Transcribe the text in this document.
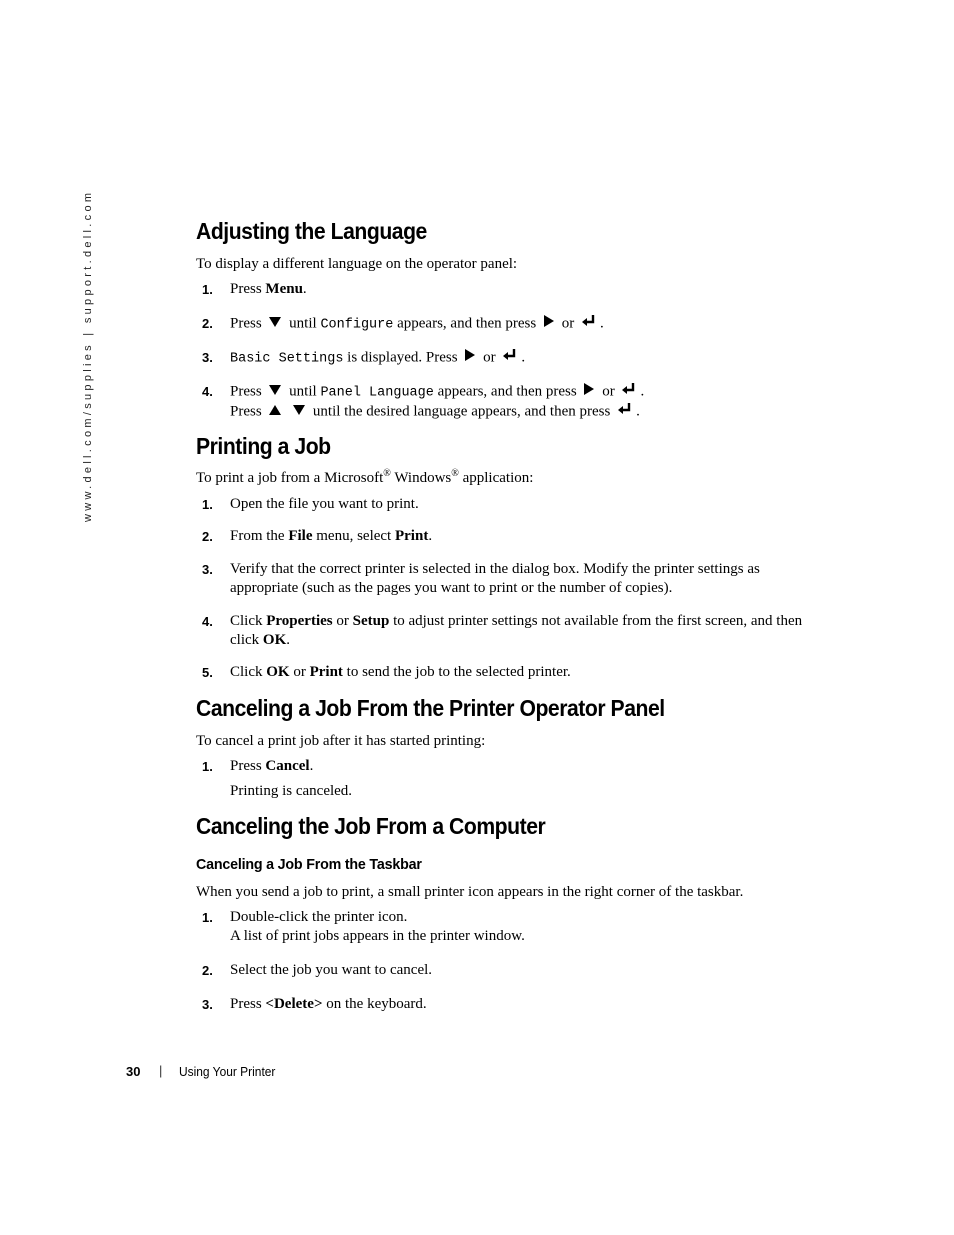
www.dell.com/supplies | support.dell.com	Adjusting the Language
To display a different language on the operator panel:
1. Press Menu.
2. Press until Configure appears, and then press or .
3. Basic Settings is displayed. Press or .
4. Press until Panel Language appears, and then press or .
Press	until the desired language appears, and then press .
Printing a Job
To print a job from a Microsoft® Windows® application:
1. Open the file you want to print.
2. From the File menu, select Print.
3. Verify that the correct printer is selected in the dialog box. Modify the printer settings as appropriate (such as the pages you want to print or the number of copies).
4. Click Properties or Setup to adjust printer settings not available from the first screen, and then click OK.
5. Click OK or Print to send the job to the selected printer.
Canceling a Job From the Printer Operator Panel
To cancel a print job after it has started printing:
1. Press Cancel.
Printing is canceled.
Canceling the Job From a Computer
Canceling a Job From the Taskbar
When you send a job to print, a small printer icon appears in the right corner of the taskbar.
1. Double-click the printer icon.
A list of print jobs appears in the printer window.
2. Select the job you want to cancel.
3. Press <Delete> on the keyboard.
30 | Using Your Printer
